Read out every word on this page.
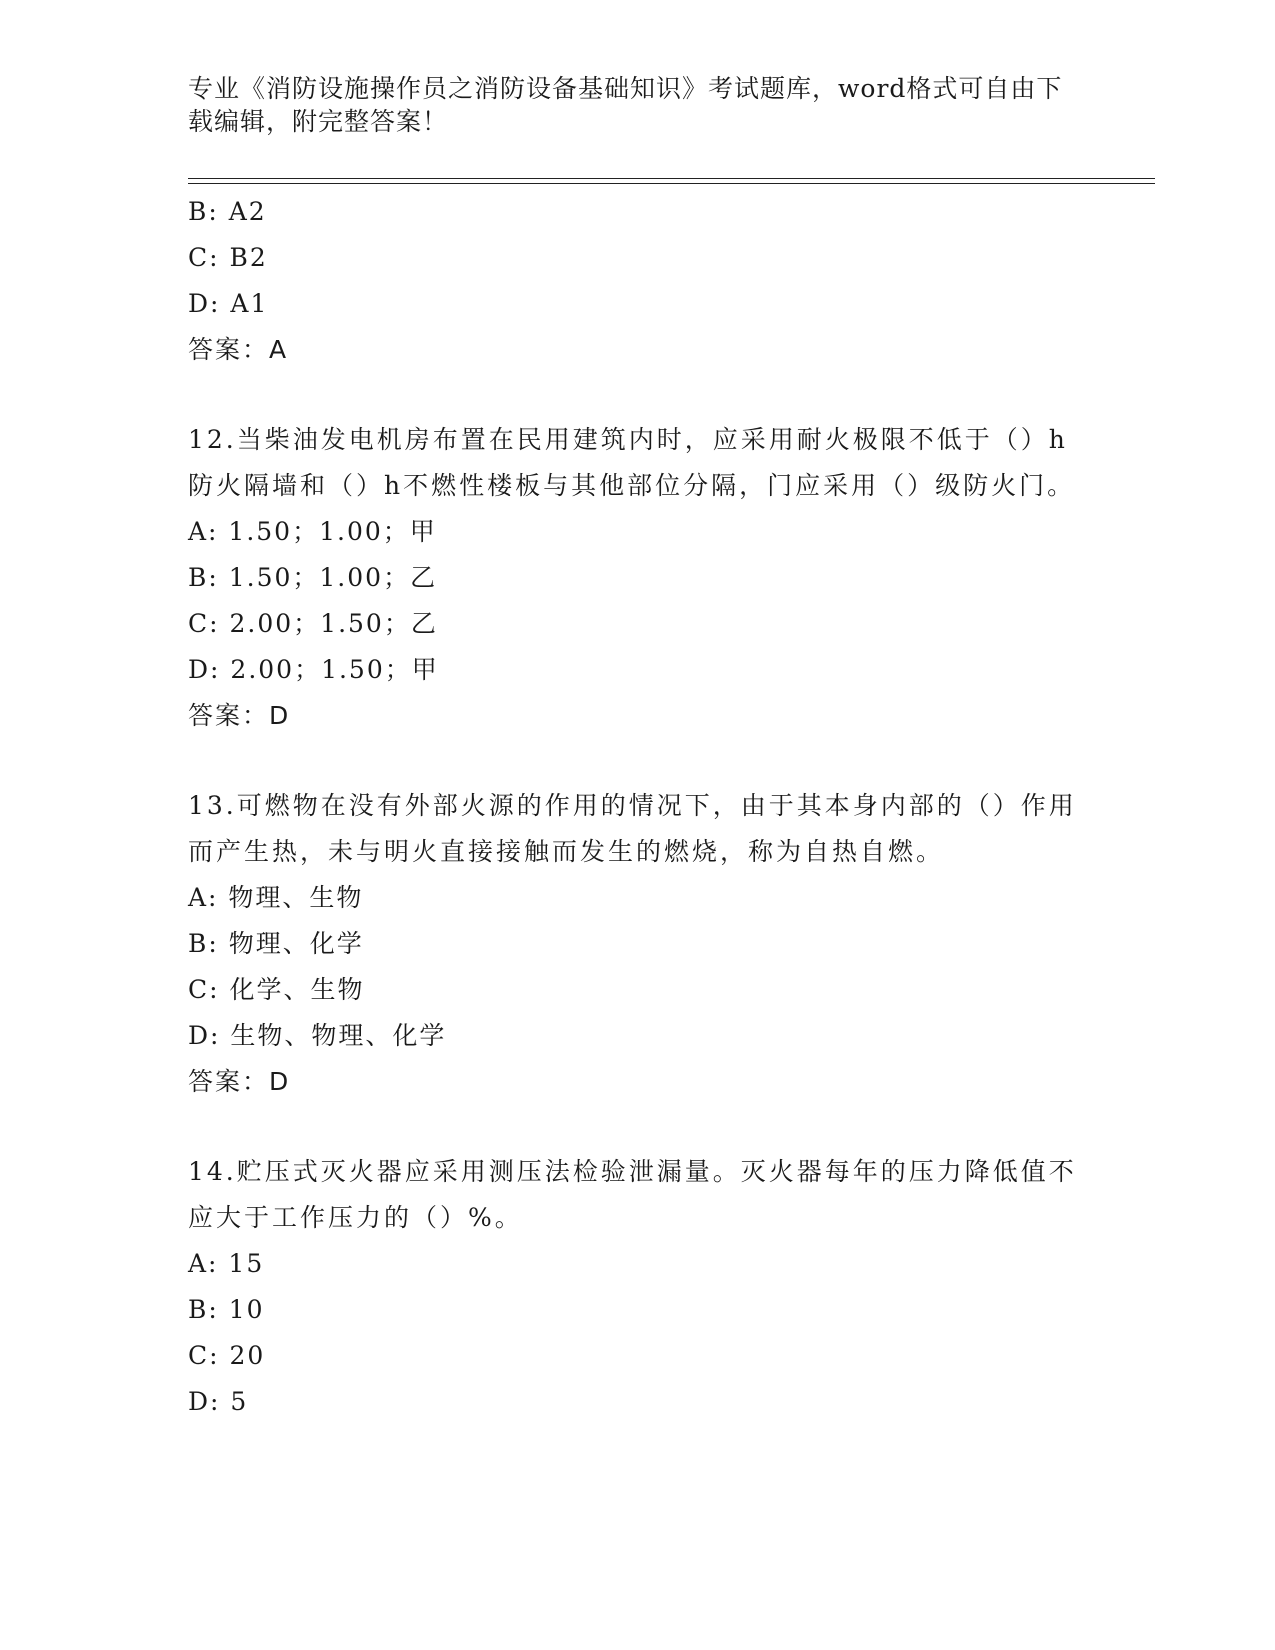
专业《消防设施操作员之消防设备基础知识》考试题库，word格式可自由下载编辑，附完整答案！
B: A2
C: B2
D: A1
答案：A
12.当柴油发电机房布置在民用建筑内时，应采用耐火极限不低于（）h防火隔墙和（）h不燃性楼板与其他部位分隔，门应采用（）级防火门。
A: 1.50；1.00；甲
B: 1.50；1.00；乙
C: 2.00；1.50；乙
D: 2.00；1.50；甲
答案：D
13.可燃物在没有外部火源的作用的情况下，由于其本身内部的（）作用而产生热，未与明火直接接触而发生的燃烧，称为自热自燃。
A: 物理、生物
B: 物理、化学
C: 化学、生物
D: 生物、物理、化学
答案：D
14.贮压式灭火器应采用测压法检验泄漏量。灭火器每年的压力降低值不应大于工作压力的（）%。
A: 15
B: 10
C: 20
D: 5
